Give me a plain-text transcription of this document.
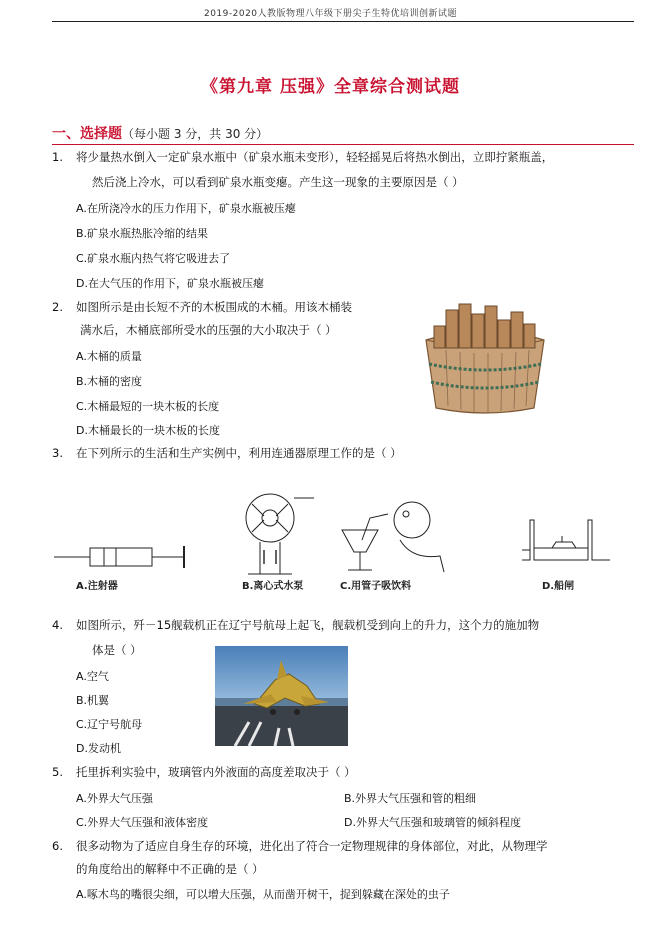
2019-2020人教版物理八年级下册尖子生特优培训创新试题
《第九章 压强》全章综合测试题
一、选择题（每小题 3 分，共 30 分）
1. 将少量热水倒入一定矿泉水瓶中（矿泉水瓶未变形），轻轻摇晃后将热水倒出，立即拧紧瓶盖，
然后浇上冷水，可以看到矿泉水瓶变瘪。产生这一现象的主要原因是（ ）
A.在所浇冷水的压力作用下，矿泉水瓶被压瘪
B.矿泉水瓶热胀冷缩的结果
C.矿泉水瓶内热气将它吸进去了
D.在大气压的作用下，矿泉水瓶被压瘪
2. 如图所示是由长短不齐的木板围成的木桶。用该木桶装
满水后，木桶底部所受水的压强的大小取决于（ ）
A.木桶的质量
B.木桶的密度
C.木桶最短的一块木板的长度
D.木桶最长的一块木板的长度
3. 在下列所示的生活和生产实例中，利用连通器原理工作的是（ ）
A.注射器	B.离心式水泵	C.用管子吸饮料	D.船闸
4. 如图所示，歼－15舰载机正在辽宁号航母上起飞，舰载机受到向上的升力，这个力的施加物
体是（ ）
A.空气
B.机翼
C.辽宁号航母
D.发动机
5. 托里拆利实验中，玻璃管内外液面的高度差取决于（ ）
A.外界大气压强	B.外界大气压强和管的粗细
C.外界大气压强和液体密度	D.外界大气压强和玻璃管的倾斜程度
6. 很多动物为了适应自身生存的环境，进化出了符合一定物理规律的身体部位，对此，从物理学
的角度给出的解释中不正确的是（ ）
A.啄木鸟的嘴很尖细，可以增大压强，从而凿开树干，捉到躲藏在深处的虫子
